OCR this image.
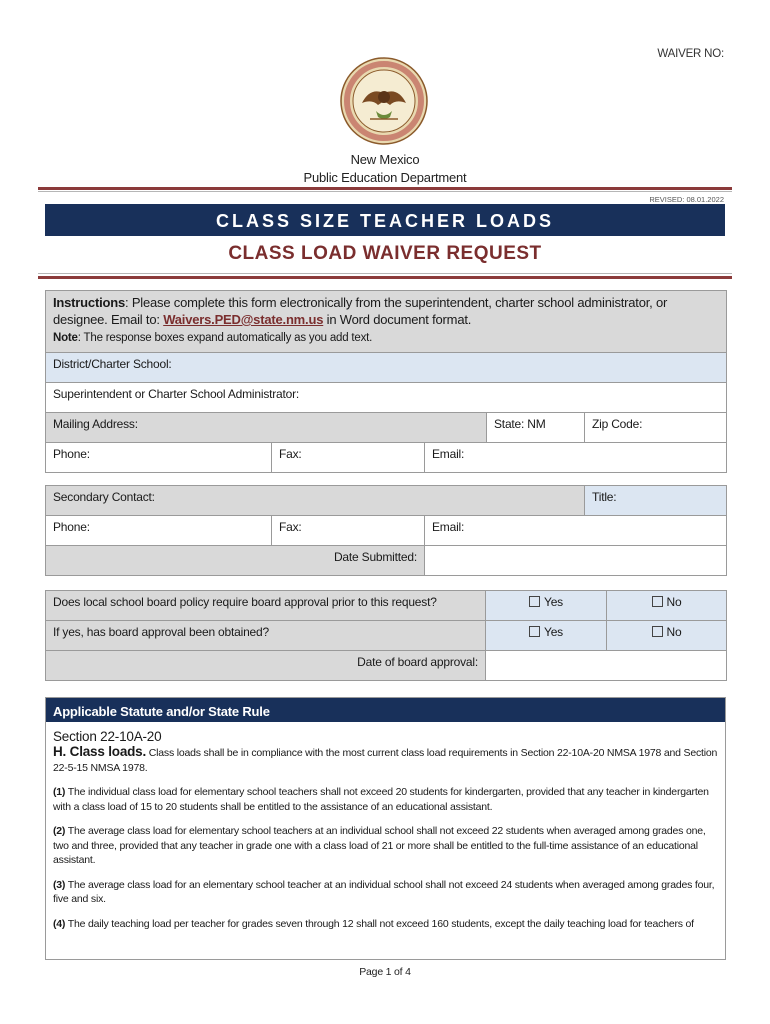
WAIVER NO:
New Mexico
Public Education Department
REVISED: 08.01.2022
CLASS SIZE TEACHER LOADS
CLASS LOAD WAIVER REQUEST
Instructions: Please complete this form electronically from the superintendent, charter school administrator, or designee. Email to: Waivers.PED@state.nm.us in Word document format.
Note: The response boxes expand automatically as you add text.				

District/Charter School:				
Superintendent or Charter School Administrator:				
Mailing Address:			State: NM	Zip Code:
Phone:	Fax:	Email:		
Secondary Contact:			Title:
Phone:	Fax:	Email:	
Date Submitted:			
Does local school board policy require board approval prior to this request?	Yes	No
If yes, has board approval been obtained?	Yes	No
Date of board approval:		
Applicable Statute and/or State Rule
Section 22-10A-20

H. Class loads. Class loads shall be in compliance with the most current class load requirements in Section 22-10A-20 NMSA 1978 and Section 22-5-15 NMSA 1978.

(1) The individual class load for elementary school teachers shall not exceed 20 students for kindergarten, provided that any teacher in kindergarten with a class load of 15 to 20 students shall be entitled to the assistance of an educational assistant.

(2) The average class load for elementary school teachers at an individual school shall not exceed 22 students when averaged among grades one, two and three, provided that any teacher in grade one with a class load of 21 or more shall be entitled to the full-time assistance of an educational assistant.

(3) The average class load for an elementary school teacher at an individual school shall not exceed 24 students when averaged among grades four, five and six.

(4) The daily teaching load per teacher for grades seven through 12 shall not exceed 160 students, except the daily teaching load for teachers of

Page 1 of 4
